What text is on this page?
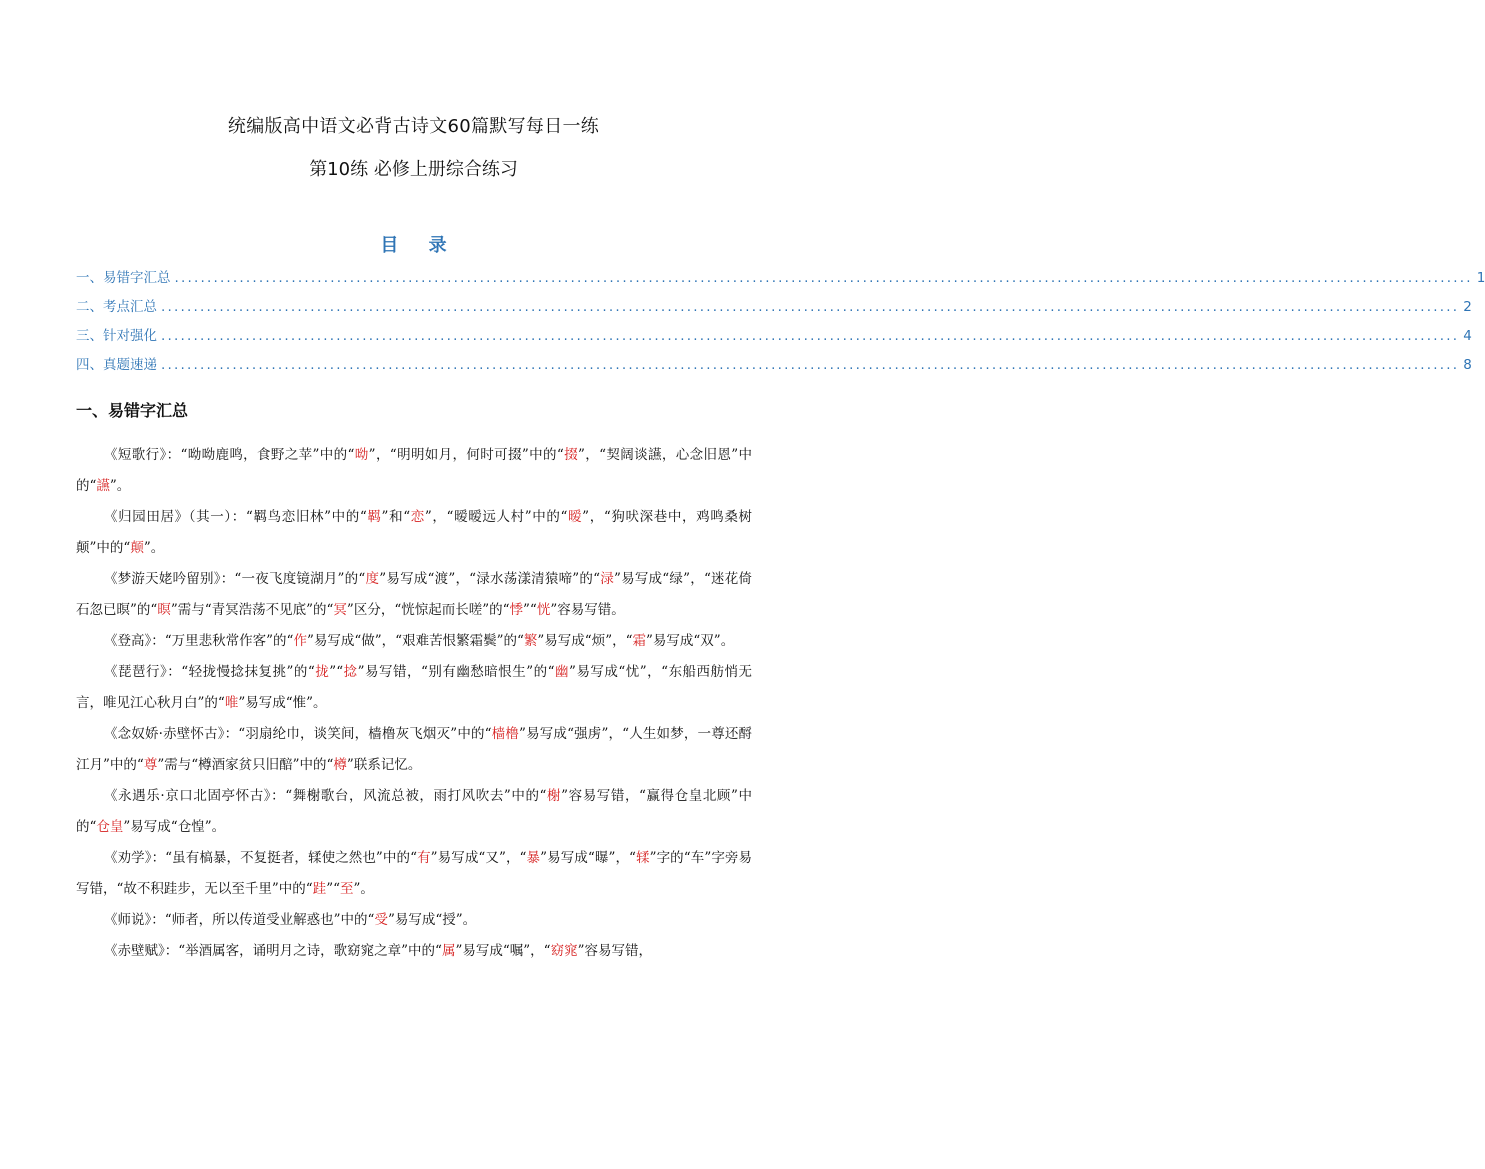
统编版高中语文必背古诗文60篇默写每日一练
第10练 必修上册综合练习
目 录
一、易错字汇总 ........................................................................................................................................................................................................ 1
二、考点汇总 ........................................................................................................................................................................................................ 2
三、针对强化 ........................................................................................................................................................................................................ 4
四、真题速递 ........................................................................................................................................................................................................ 8
一、易错字汇总

《短歌行》：“呦呦鹿鸣，食野之苹”中的“呦”，“明明如月，何时可掇”中的“掇”，“契阔谈讌，心念旧恩”中的“讌”。

《归园田居》（其一）：“羁鸟恋旧林”中的“羁”和“恋”，“暧暧远人村”中的“暧”，“狗吠深巷中，鸡鸣桑树颠”中的“颠”。

《梦游天姥吟留别》：“一夜飞度镜湖月”的“度”易写成“渡”，“渌水荡漾清猿啼”的“渌”易写成“绿”，“迷花倚石忽已暝”的“暝”需与“青冥浩荡不见底”的“冥”区分，“恍惊起而长嗟”的“悸”“恍”容易写错。

《登高》：“万里悲秋常作客”的“作”易写成“做”，“艰难苦恨繁霜鬓”的“繁”易写成“烦”，“霜”易写成“双”。

《琵琶行》：“轻拢慢捻抹复挑”的“拢”“捻”易写错，“别有幽愁暗恨生”的“幽”易写成“忧”，“东船西舫悄无言，唯见江心秋月白”的“唯”易写成“惟”。

《念奴娇·赤壁怀古》：“羽扇纶巾，谈笑间，樯橹灰飞烟灭”中的“樯橹”易写成“强虏”，“人生如梦，一尊还酹江月”中的“尊”需与“樽酒家贫只旧醅”中的“樽”联系记忆。

《永遇乐·京口北固亭怀古》：“舞榭歌台，风流总被，雨打风吹去”中的“榭”容易写错，“赢得仓皇北顾”中的“仓皇”易写成“仓惶”。

《劝学》：“虽有槁暴，不复挺者，𫐓使之然也”中的“有”易写成“又”，“暴”易写成“曝”，“𫐓”字的“车”字旁易写错，“故不积跬步，无以至千里”中的“跬”“至”。

《师说》：“师者，所以传道受业解惑也”中的“受”易写成“授”。

《赤壁赋》：“举酒属客，诵明月之诗，歌窈窕之章”中的“属”易写成“嘱”，“窈窕”容易写错，
